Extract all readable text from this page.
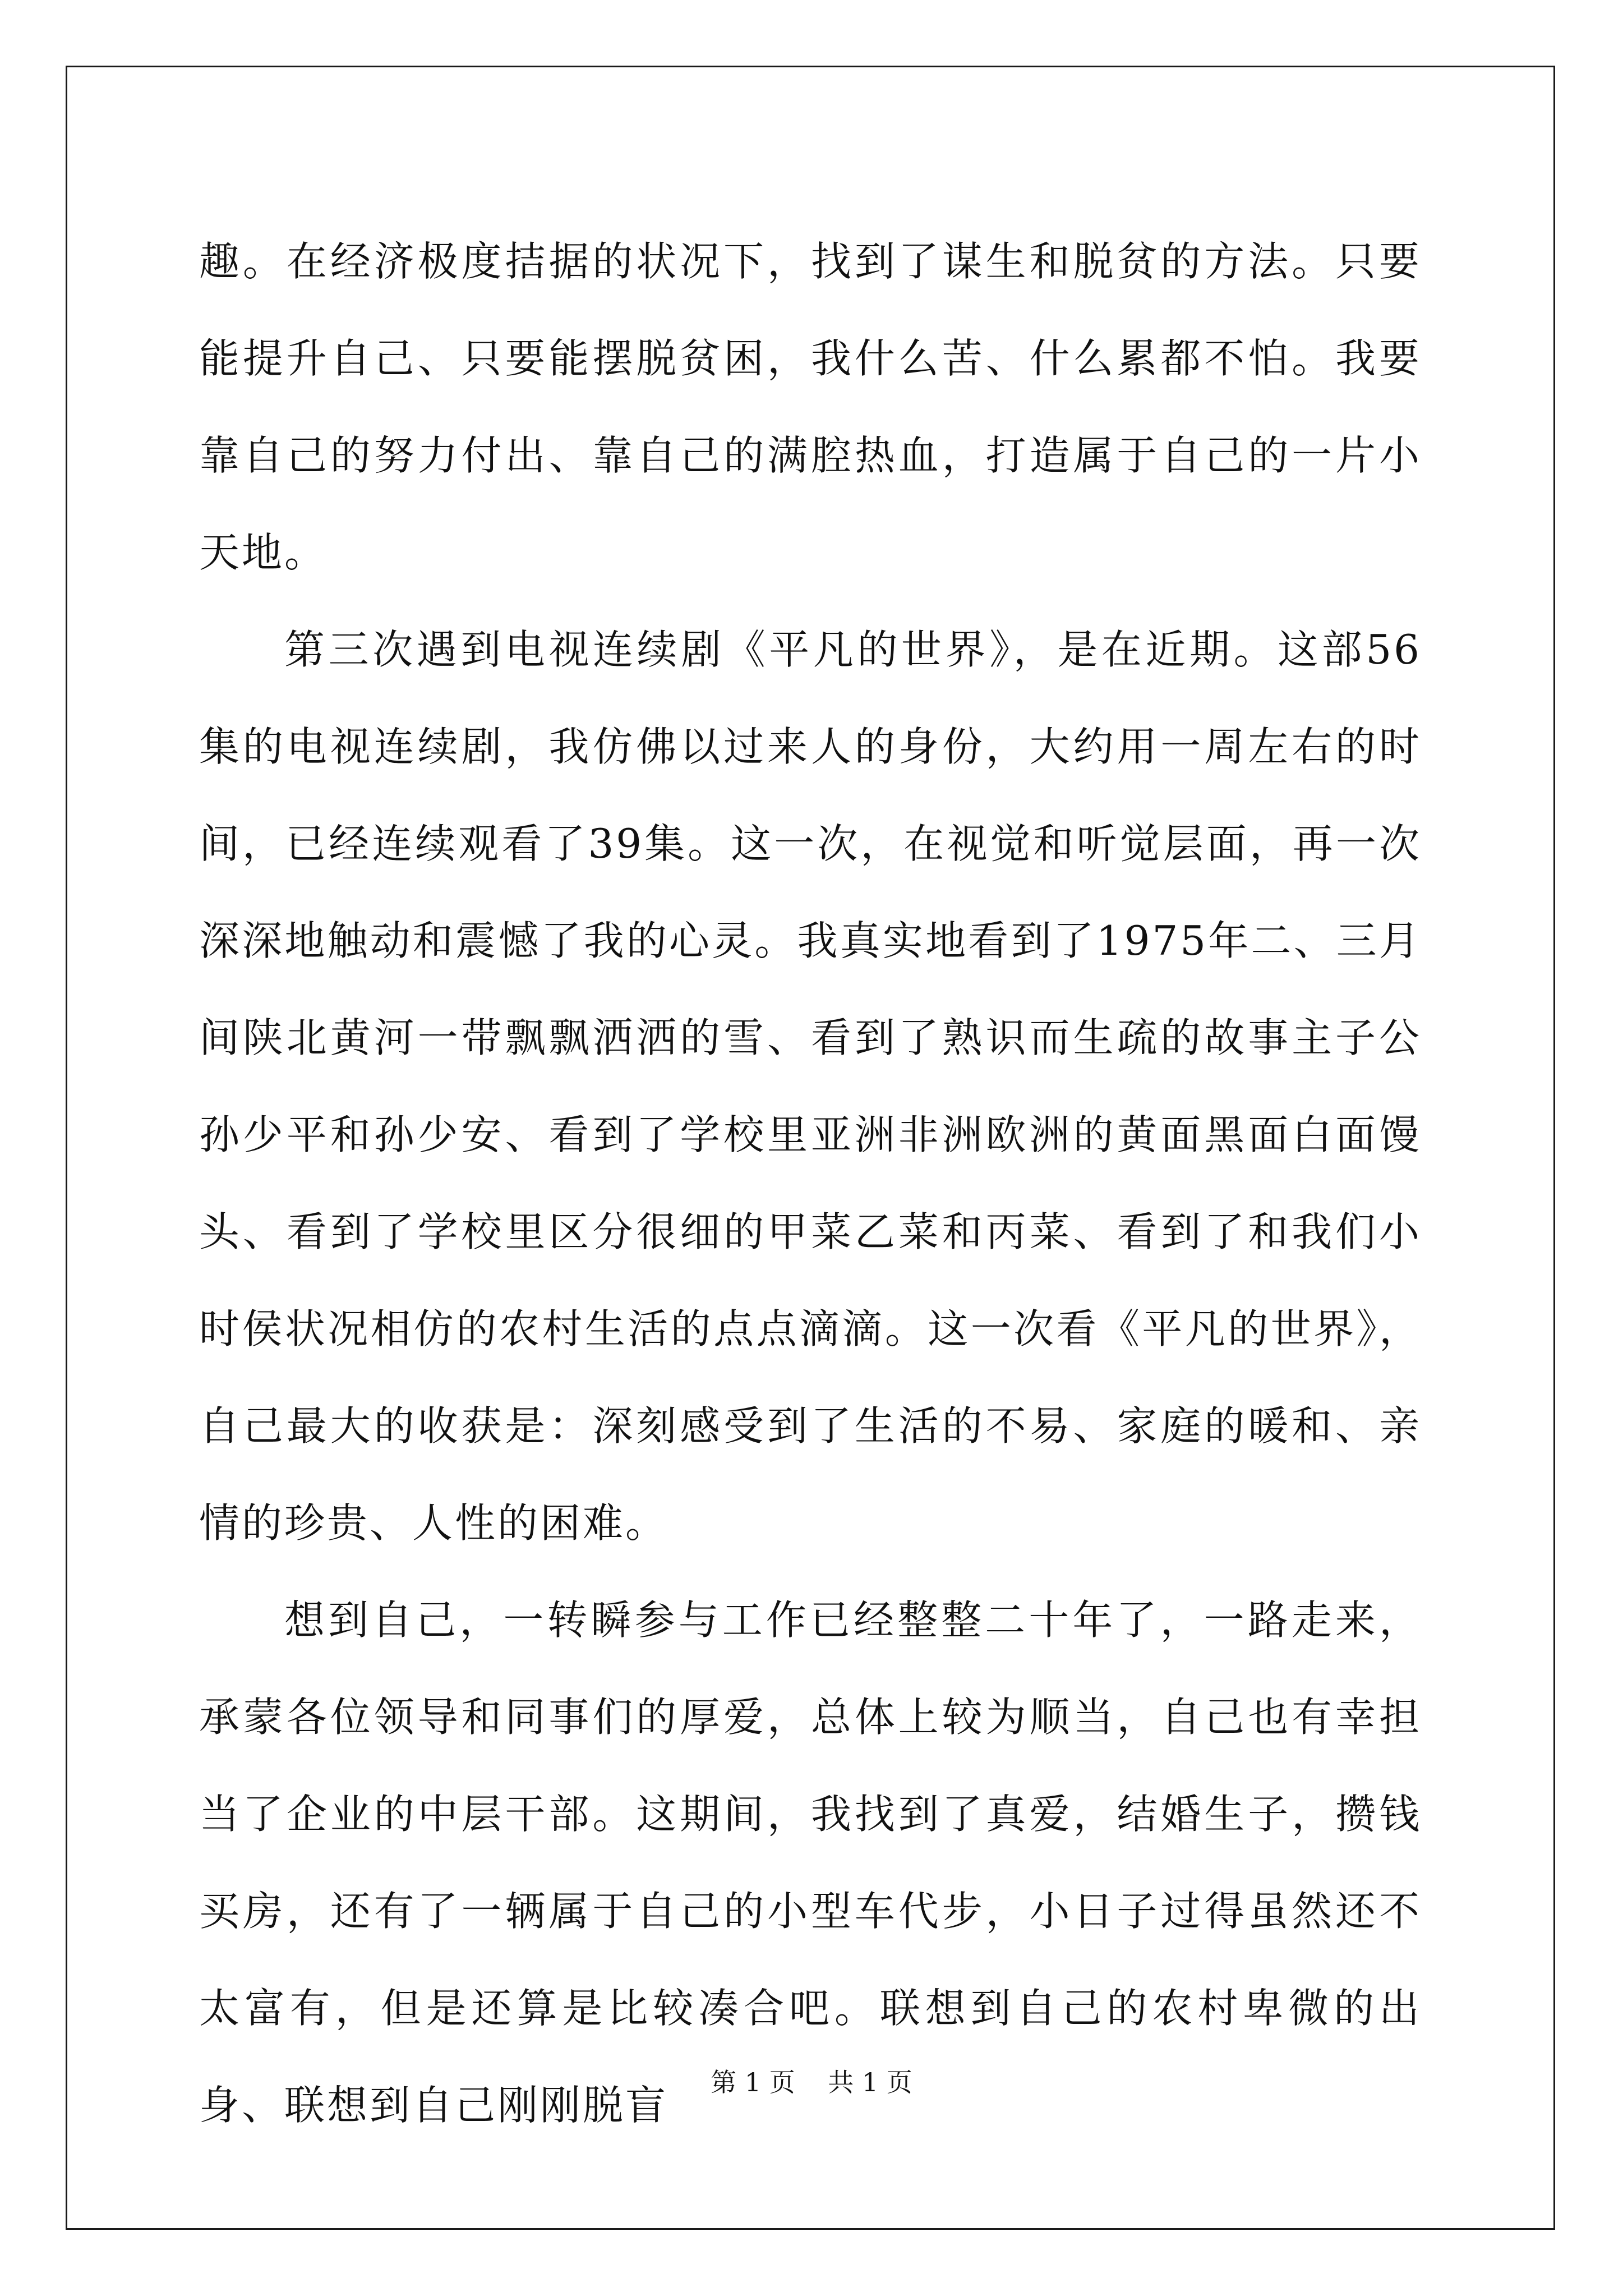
趣。在经济极度拮据的状况下，找到了谋生和脱贫的方法。只要能提升自己、只要能摆脱贫困，我什么苦、什么累都不怕。我要靠自己的努力付出、靠自己的满腔热血，打造属于自己的一片小天地。

第三次遇到电视连续剧《平凡的世界》，是在近期。这部56集的电视连续剧，我仿佛以过来人的身份，大约用一周左右的时间，已经连续观看了39集。这一次，在视觉和听觉层面，再一次深深地触动和震憾了我的心灵。我真实地看到了1975年二、三月间陕北黄河一带飘飘洒洒的雪、看到了熟识而生疏的故事主子公孙少平和孙少安、看到了学校里亚洲非洲欧洲的黄面黑面白面馒头、看到了学校里区分很细的甲菜乙菜和丙菜、看到了和我们小时侯状况相仿的农村生活的点点滴滴。这一次看《平凡的世界》，自己最大的收获是：深刻感受到了生活的不易、家庭的暖和、亲情的珍贵、人性的困难。

想到自己，一转瞬参与工作已经整整二十年了，一路走来，承蒙各位领导和同事们的厚爱，总体上较为顺当，自己也有幸担当了企业的中层干部。这期间，我找到了真爱，结婚生子，攒钱买房，还有了一辆属于自己的小型车代步，小日子过得虽然还不太富有，但是还算是比较凑合吧。联想到自己的农村卑微的出身、联想到自己刚刚脱盲	第 1 页    共 1 页
